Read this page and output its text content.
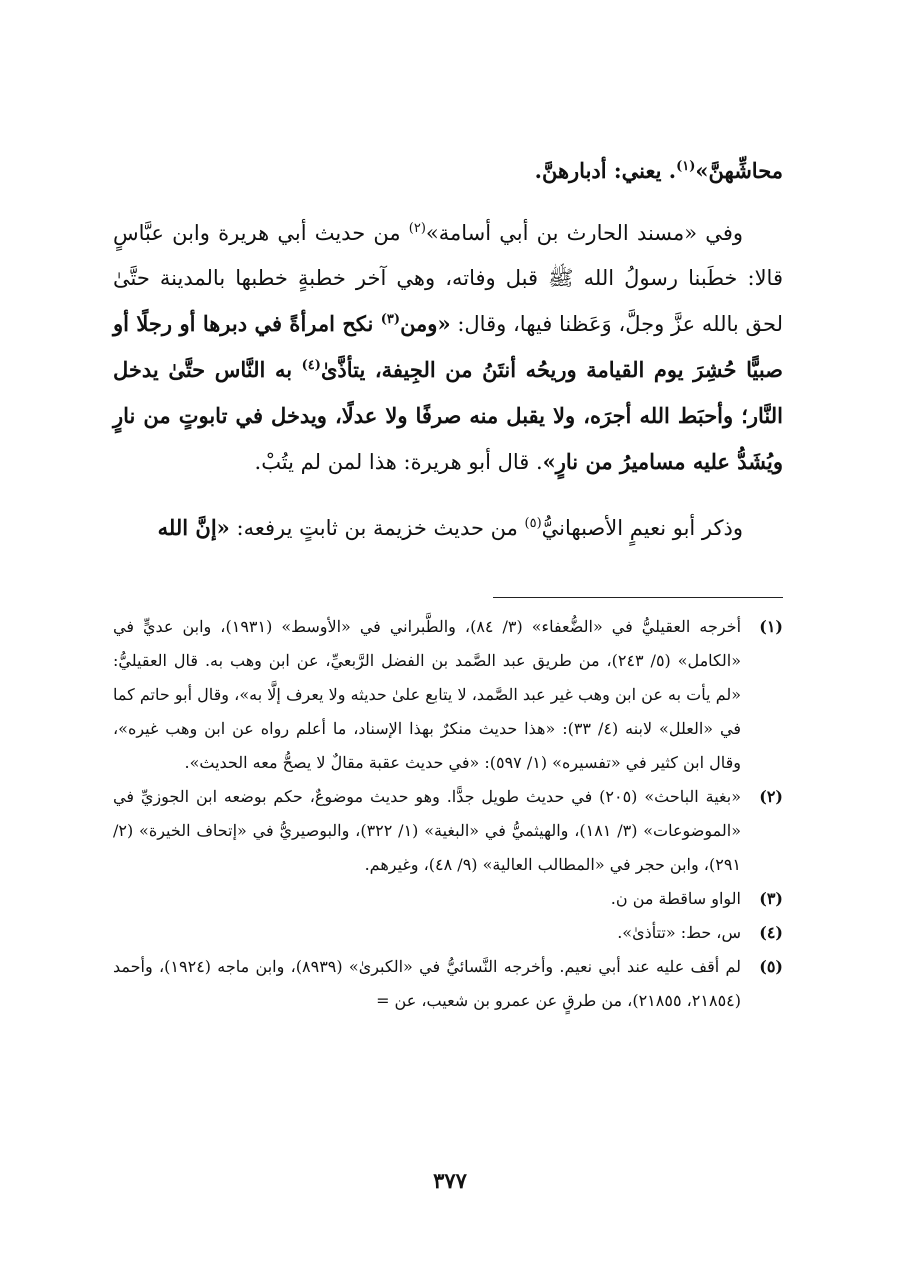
محاشِّهنَّ»$^{(١)}$. يعني: أدبارهنَّ.

وفي «مسند الحارث بن أبي أسامة»$^{(٢)}$ من حديث أبي هريرة وابن عبَّاسٍ قالا: خطَبنا رسولُ الله ﷺ قبل وفاته، وهي آخر خطبةٍ خطبها بالمدينة حتَّىٰ لحق بالله عزَّ وجلَّ، وَعَظنا فيها، وقال: «ومن$^{(٣)}$ نكح امرأةً في دبرها أو رجلًا أو صبيًّا حُشِرَ يوم القيامة وريحُه أنتَنُ من الجِيفة، يتأذَّىٰ$^{(٤)}$ به النَّاس حتَّىٰ يدخل النَّار؛ وأحبَط الله أجرَه، ولا يقبل منه صرفًا ولا عدلًا، ويدخل في تابوتٍ من نارٍ ويُشَدُّ عليه مساميرُ من نارٍ». قال أبو هريرة: هذا لمن لم يتُبْ.

وذكر أبو نعيمٍ الأصبهانيُّ$^{(٥)}$ من حديث خزيمة بن ثابتٍ يرفعه: «إنَّ الله

(١)
أخرجه العقيليُّ في «الضُّعفاء» (٣/ ٨٤)، والطَّبراني في «الأوسط» (١٩٣١)، وابن عديٍّ في «الكامل» (٥/ ٢٤٣)، من طريق عبد الصَّمد بن الفضل الرَّبعيِّ، عن ابن وهب به. قال العقيليُّ: «لم يأت به عن ابن وهب غير عبد الصَّمد، لا يتابع علىٰ حديثه ولا يعرف إلَّا به»، وقال أبو حاتم كما في «العلل» لابنه (٤/ ٣٣): «هذا حديث منكرٌ بهذا الإسناد، ما أعلم رواه عن ابن وهب غيره»، وقال ابن كثير في «تفسيره» (١/ ٥٩٧): «في حديث عقبة مقالٌ لا يصحُّ معه الحديث».
(٢)
«بغية الباحث» (٢٠٥) في حديث طويل جدًّا. وهو حديث موضوعٌ، حكم بوضعه ابن الجوزيِّ في «الموضوعات» (٣/ ١٨١)، والهيثميُّ في «البغية» (١/ ٣٢٢)، والبوصيريُّ في «إتحاف الخيرة» (٢/ ٢٩١)، وابن حجر في «المطالب العالية» (٩/ ٤٨)، وغيرهم.
(٣)
الواو ساقطة من ن.
(٤)
س، حط: «تتأذىٰ».
(٥)
لم أقف عليه عند أبي نعيم. وأخرجه النَّسائيُّ في «الكبرىٰ» (٨٩٣٩)، وابن ماجه (١٩٢٤)، وأحمد (٢١٨٥٤، ٢١٨٥٥)، من طرقٍ عن عمرو بن شعيب، عن =
٣٧٧
